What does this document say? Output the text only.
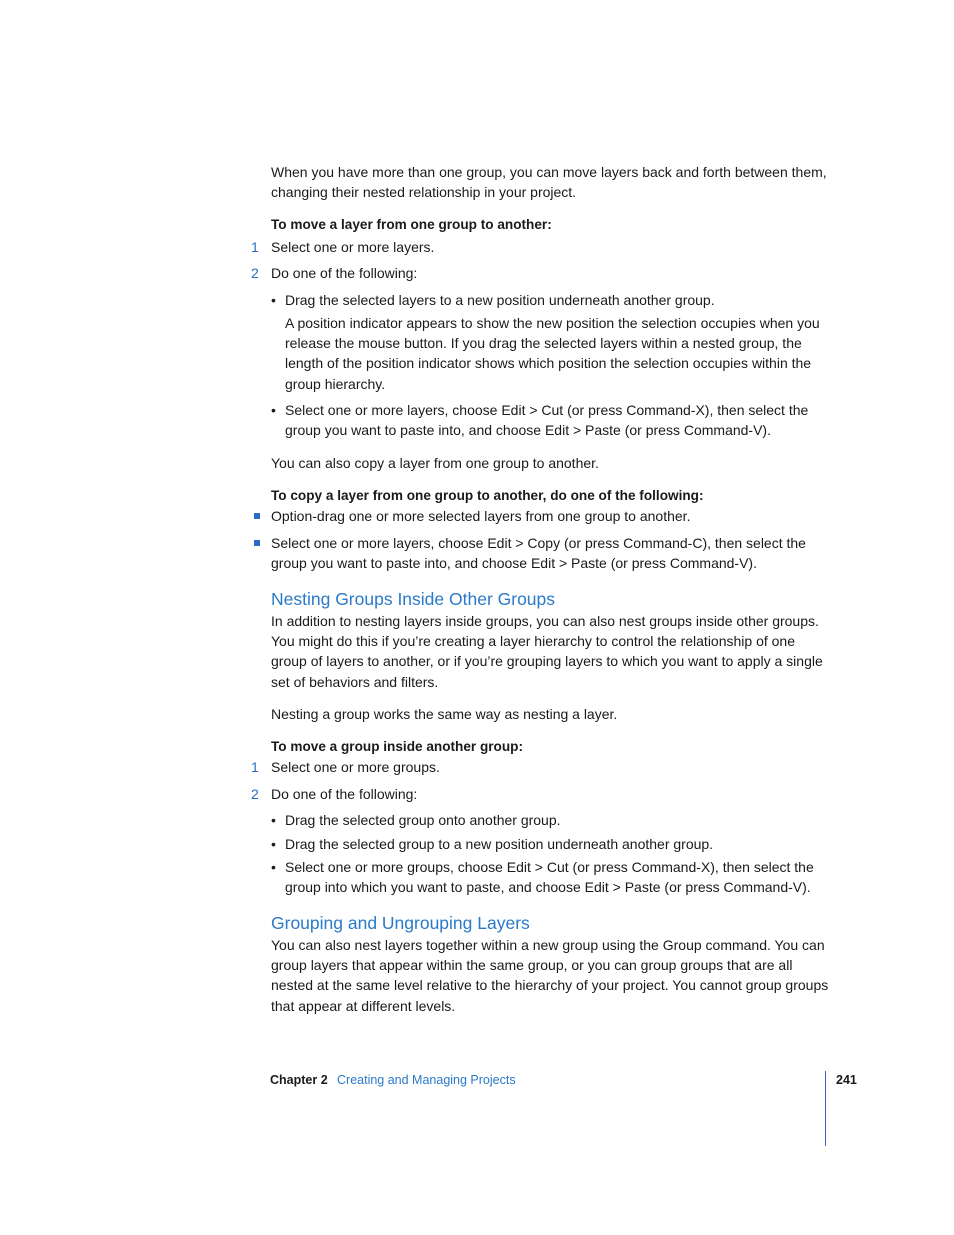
When you have more than one group, you can move layers back and forth between them, changing their nested relationship in your project.
To move a layer from one group to another:
1 Select one or more layers.
2 Do one of the following:
• Drag the selected layers to a new position underneath another group.
A position indicator appears to show the new position the selection occupies when you release the mouse button. If you drag the selected layers within a nested group, the length of the position indicator shows which position the selection occupies within the group hierarchy.
• Select one or more layers, choose Edit > Cut (or press Command-X), then select the group you want to paste into, and choose Edit > Paste (or press Command-V).
You can also copy a layer from one group to another.
To copy a layer from one group to another, do one of the following:
Option-drag one or more selected layers from one group to another.
Select one or more layers, choose Edit > Copy (or press Command-C), then select the group you want to paste into, and choose Edit > Paste (or press Command-V).
Nesting Groups Inside Other Groups
In addition to nesting layers inside groups, you can also nest groups inside other groups. You might do this if you’re creating a layer hierarchy to control the relationship of one group of layers to another, or if you’re grouping layers to which you want to apply a single set of behaviors and filters.
Nesting a group works the same way as nesting a layer.
To move a group inside another group:
1 Select one or more groups.
2 Do one of the following:
• Drag the selected group onto another group.
• Drag the selected group to a new position underneath another group.
• Select one or more groups, choose Edit > Cut (or press Command-X), then select the group into which you want to paste, and choose Edit > Paste (or press Command-V).
Grouping and Ungrouping Layers
You can also nest layers together within a new group using the Group command. You can group layers that appear within the same group, or you can group groups that are all nested at the same level relative to the hierarchy of your project. You cannot group groups that appear at different levels.
Chapter 2 Creating and Managing Projects	241
